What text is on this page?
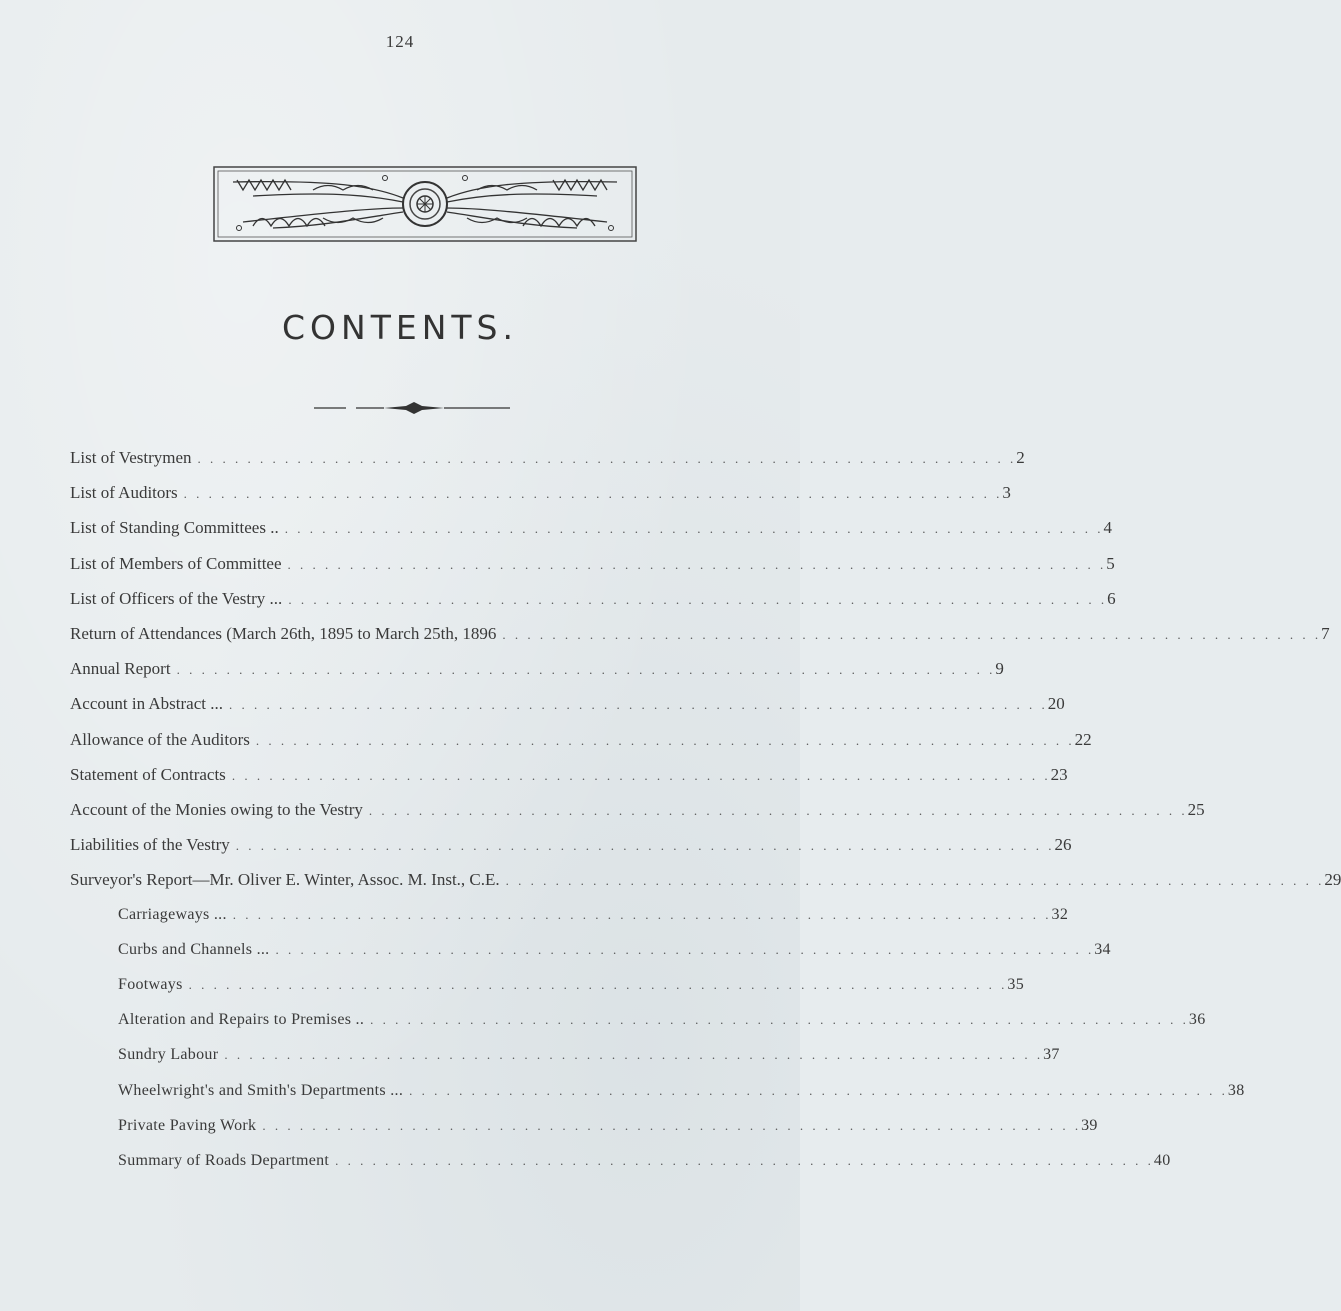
124
CONTENTS.
List of Vestrymen . . . . . . . . . . . . . . . . . . . . . . . . . . . . . . . . . . . . . . . . . . . . . . . . . . . . . . . . . . . . . . . . . . 2
List of Auditors . . . . . . . . . . . . . . . . . . . . . . . . . . . . . . . . . . . . . . . . . . . . . . . . . . . . . . . . . . . . . . . . . . 3
List of Standing Committees .. . . . . . . . . . . . . . . . . . . . . . . . . . . . . . . . . . . . . . . . . . . . . . . . . . . . . . . . . . . . . . . . . . . 4
List of Members of Committee . . . . . . . . . . . . . . . . . . . . . . . . . . . . . . . . . . . . . . . . . . . . . . . . . . . . . . . . . . . . . . . . . . 5
List of Officers of the Vestry ... . . . . . . . . . . . . . . . . . . . . . . . . . . . . . . . . . . . . . . . . . . . . . . . . . . . . . . . . . . . . . . . . . . 6
Return of Attendances (March 26th, 1895 to March 25th, 1896 . . . . . . . . . . . . . . . . . . . . . . . . . . . . . . . . . . . . . . . . . . . . . . . . . . . . . . . . . . . . . . . . . . 7
Annual Report . . . . . . . . . . . . . . . . . . . . . . . . . . . . . . . . . . . . . . . . . . . . . . . . . . . . . . . . . . . . . . . . . . 9
Account in Abstract ... . . . . . . . . . . . . . . . . . . . . . . . . . . . . . . . . . . . . . . . . . . . . . . . . . . . . . . . . . . . . . . . . . . 20
Allowance of the Auditors . . . . . . . . . . . . . . . . . . . . . . . . . . . . . . . . . . . . . . . . . . . . . . . . . . . . . . . . . . . . . . . . . . 22
Statement of Contracts . . . . . . . . . . . . . . . . . . . . . . . . . . . . . . . . . . . . . . . . . . . . . . . . . . . . . . . . . . . . . . . . . . 23
Account of the Monies owing to the Vestry . . . . . . . . . . . . . . . . . . . . . . . . . . . . . . . . . . . . . . . . . . . . . . . . . . . . . . . . . . . . . . . . . . 25
Liabilities of the Vestry . . . . . . . . . . . . . . . . . . . . . . . . . . . . . . . . . . . . . . . . . . . . . . . . . . . . . . . . . . . . . . . . . . 26
Surveyor's Report—Mr. Oliver E. Winter, Assoc. M. Inst., C.E. . . . . . . . . . . . . . . . . . . . . . . . . . . . . . . . . . . . . . . . . . . . . . . . . . . . . . . . . . . . . . . . . . . 29
Carriageways ... . . . . . . . . . . . . . . . . . . . . . . . . . . . . . . . . . . . . . . . . . . . . . . . . . . . . . . . . . . . . . . . . . . 32
Curbs and Channels ... . . . . . . . . . . . . . . . . . . . . . . . . . . . . . . . . . . . . . . . . . . . . . . . . . . . . . . . . . . . . . . . . . . 34
Footways . . . . . . . . . . . . . . . . . . . . . . . . . . . . . . . . . . . . . . . . . . . . . . . . . . . . . . . . . . . . . . . . . . 35
Alteration and Repairs to Premises .. . . . . . . . . . . . . . . . . . . . . . . . . . . . . . . . . . . . . . . . . . . . . . . . . . . . . . . . . . . . . . . . . . . 36
Sundry Labour . . . . . . . . . . . . . . . . . . . . . . . . . . . . . . . . . . . . . . . . . . . . . . . . . . . . . . . . . . . . . . . . . . 37
Wheelwright's and Smith's Departments ... . . . . . . . . . . . . . . . . . . . . . . . . . . . . . . . . . . . . . . . . . . . . . . . . . . . . . . . . . . . . . . . . . . 38
Private Paving Work . . . . . . . . . . . . . . . . . . . . . . . . . . . . . . . . . . . . . . . . . . . . . . . . . . . . . . . . . . . . . . . . . . 39
Summary of Roads Department . . . . . . . . . . . . . . . . . . . . . . . . . . . . . . . . . . . . . . . . . . . . . . . . . . . . . . . . . . . . . . . . . . 40
